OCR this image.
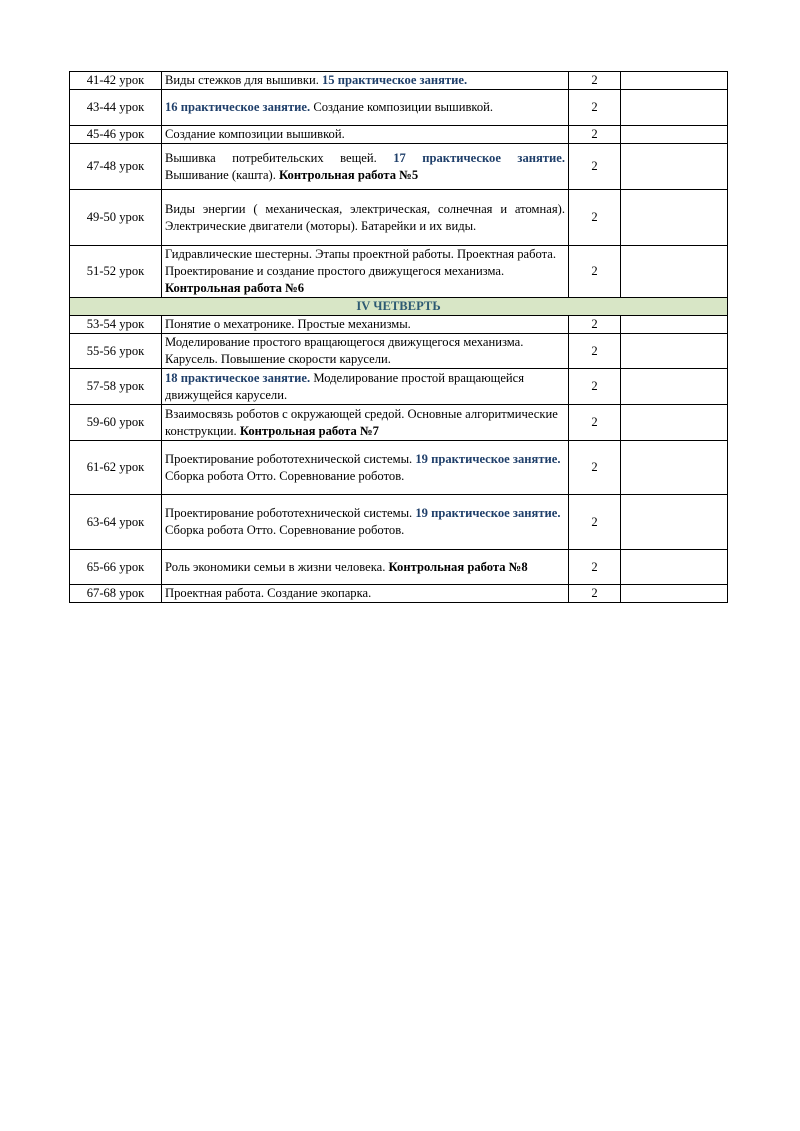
41-42 урок	Виды стежков для вышивки. 15 практическое занятие.	2	
43-44 урок	16 практическое занятие. Создание композиции вышивкой.	2	
45-46 урок	Создание композиции вышивкой.	2	
47-48 урок	Вышивка потребительских вещей. 17 практическое занятие. Вышивание (кашта). Контрольная работа №5	2	
49-50 урок	Виды энергии ( механическая, электрическая, солнечная и атомная). Электрические двигатели (моторы). Батарейки и их виды.	2	
51-52 урок	Гидравлические шестерны. Этапы проектной работы. Проектная работа. Проектирование и создание простого движущегося механизма. Контрольная работа №6	2	
IV ЧЕТВЕРТЬ			
53-54 урок	Понятие о мехатронике. Простые механизмы.	2	
55-56 урок	Моделирование простого вращающегося движущегося механизма. Карусель. Повышение скорости карусели.	2	
57-58 урок	18 практическое занятие. Моделирование простой вращающейся движущейся карусели.	2	
59-60 урок	Взаимосвязь роботов с окружающей средой. Основные алгоритмические конструкции. Контрольная работа №7	2	
61-62 урок	Проектирование робототехнической системы. 19 практическое занятие. Сборка робота Отто. Соревнование роботов.	2	
63-64 урок	Проектирование робототехнической системы. 19 практическое занятие. Сборка робота Отто. Соревнование роботов.	2	
65-66 урок	Роль экономики семьи в жизни человека. Контрольная работа №8	2	
67-68 урок	Проектная работа. Создание экопарка.	2	
